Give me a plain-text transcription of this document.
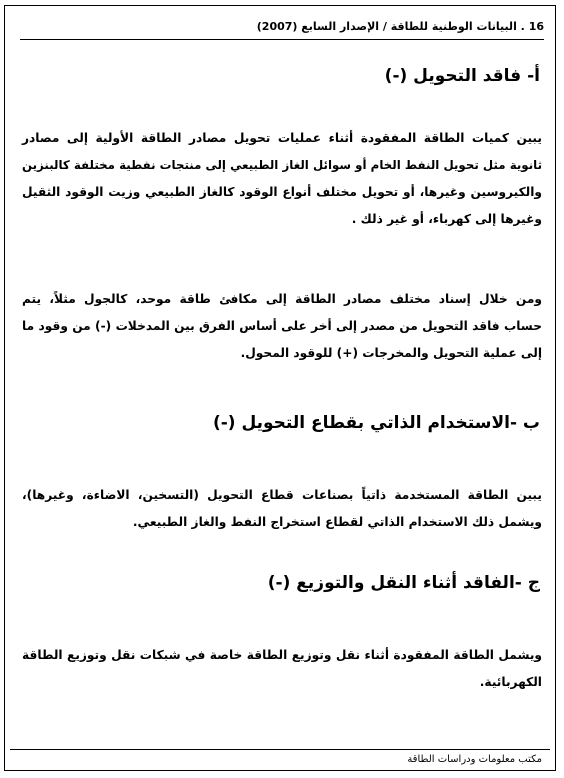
16 . البيانات الوطنية للطاقة / الإصدار السابع (2007)
أ- فاقد التحويل (-)
يبين كميات الطاقة المفقودة أثناء عمليات تحويل مصادر الطاقة الأولية إلى مصادر
ثانوية مثل تحويل النفط الخام أو سوائل الغاز الطبيعي إلى منتجات نفطية مختلفة كالبنزين
والكيروسين وغيرها، أو تحويل مختلف أنواع الوقود كالغاز الطبيعي وزيت الوقود الثقيل
وغيرها إلى كهرباء، أو غير ذلك .
ومن خلال إسناد مختلف مصادر الطاقة إلى مكافئ طاقة موحد، كالجول مثلاً، يتم
حساب فاقد التحويل من مصدر إلى أخر على أساس الفرق بين المدخلات (-) من وقود ما
إلى عملية التحويل والمخرجات (+) للوقود المحول.
ب -الاستخدام الذاتي بقطاع التحويل (-)
يبين الطاقة المستخدمة ذاتياً بصناعات قطاع التحويل (التسخين، الاضاءة، وغيرها)،
ويشمل ذلك الاستخدام الذاتي لقطاع استخراج النفط والغاز الطبيعي.
ج -الفاقد أثناء النقل والتوزيع (-)
ويشمل الطاقة المفقودة أثناء نقل وتوزيع الطاقة خاصة في شبكات نقل وتوزيع الطاقة
الكهربائية.
مكتب معلومات ودراسات الطاقة
